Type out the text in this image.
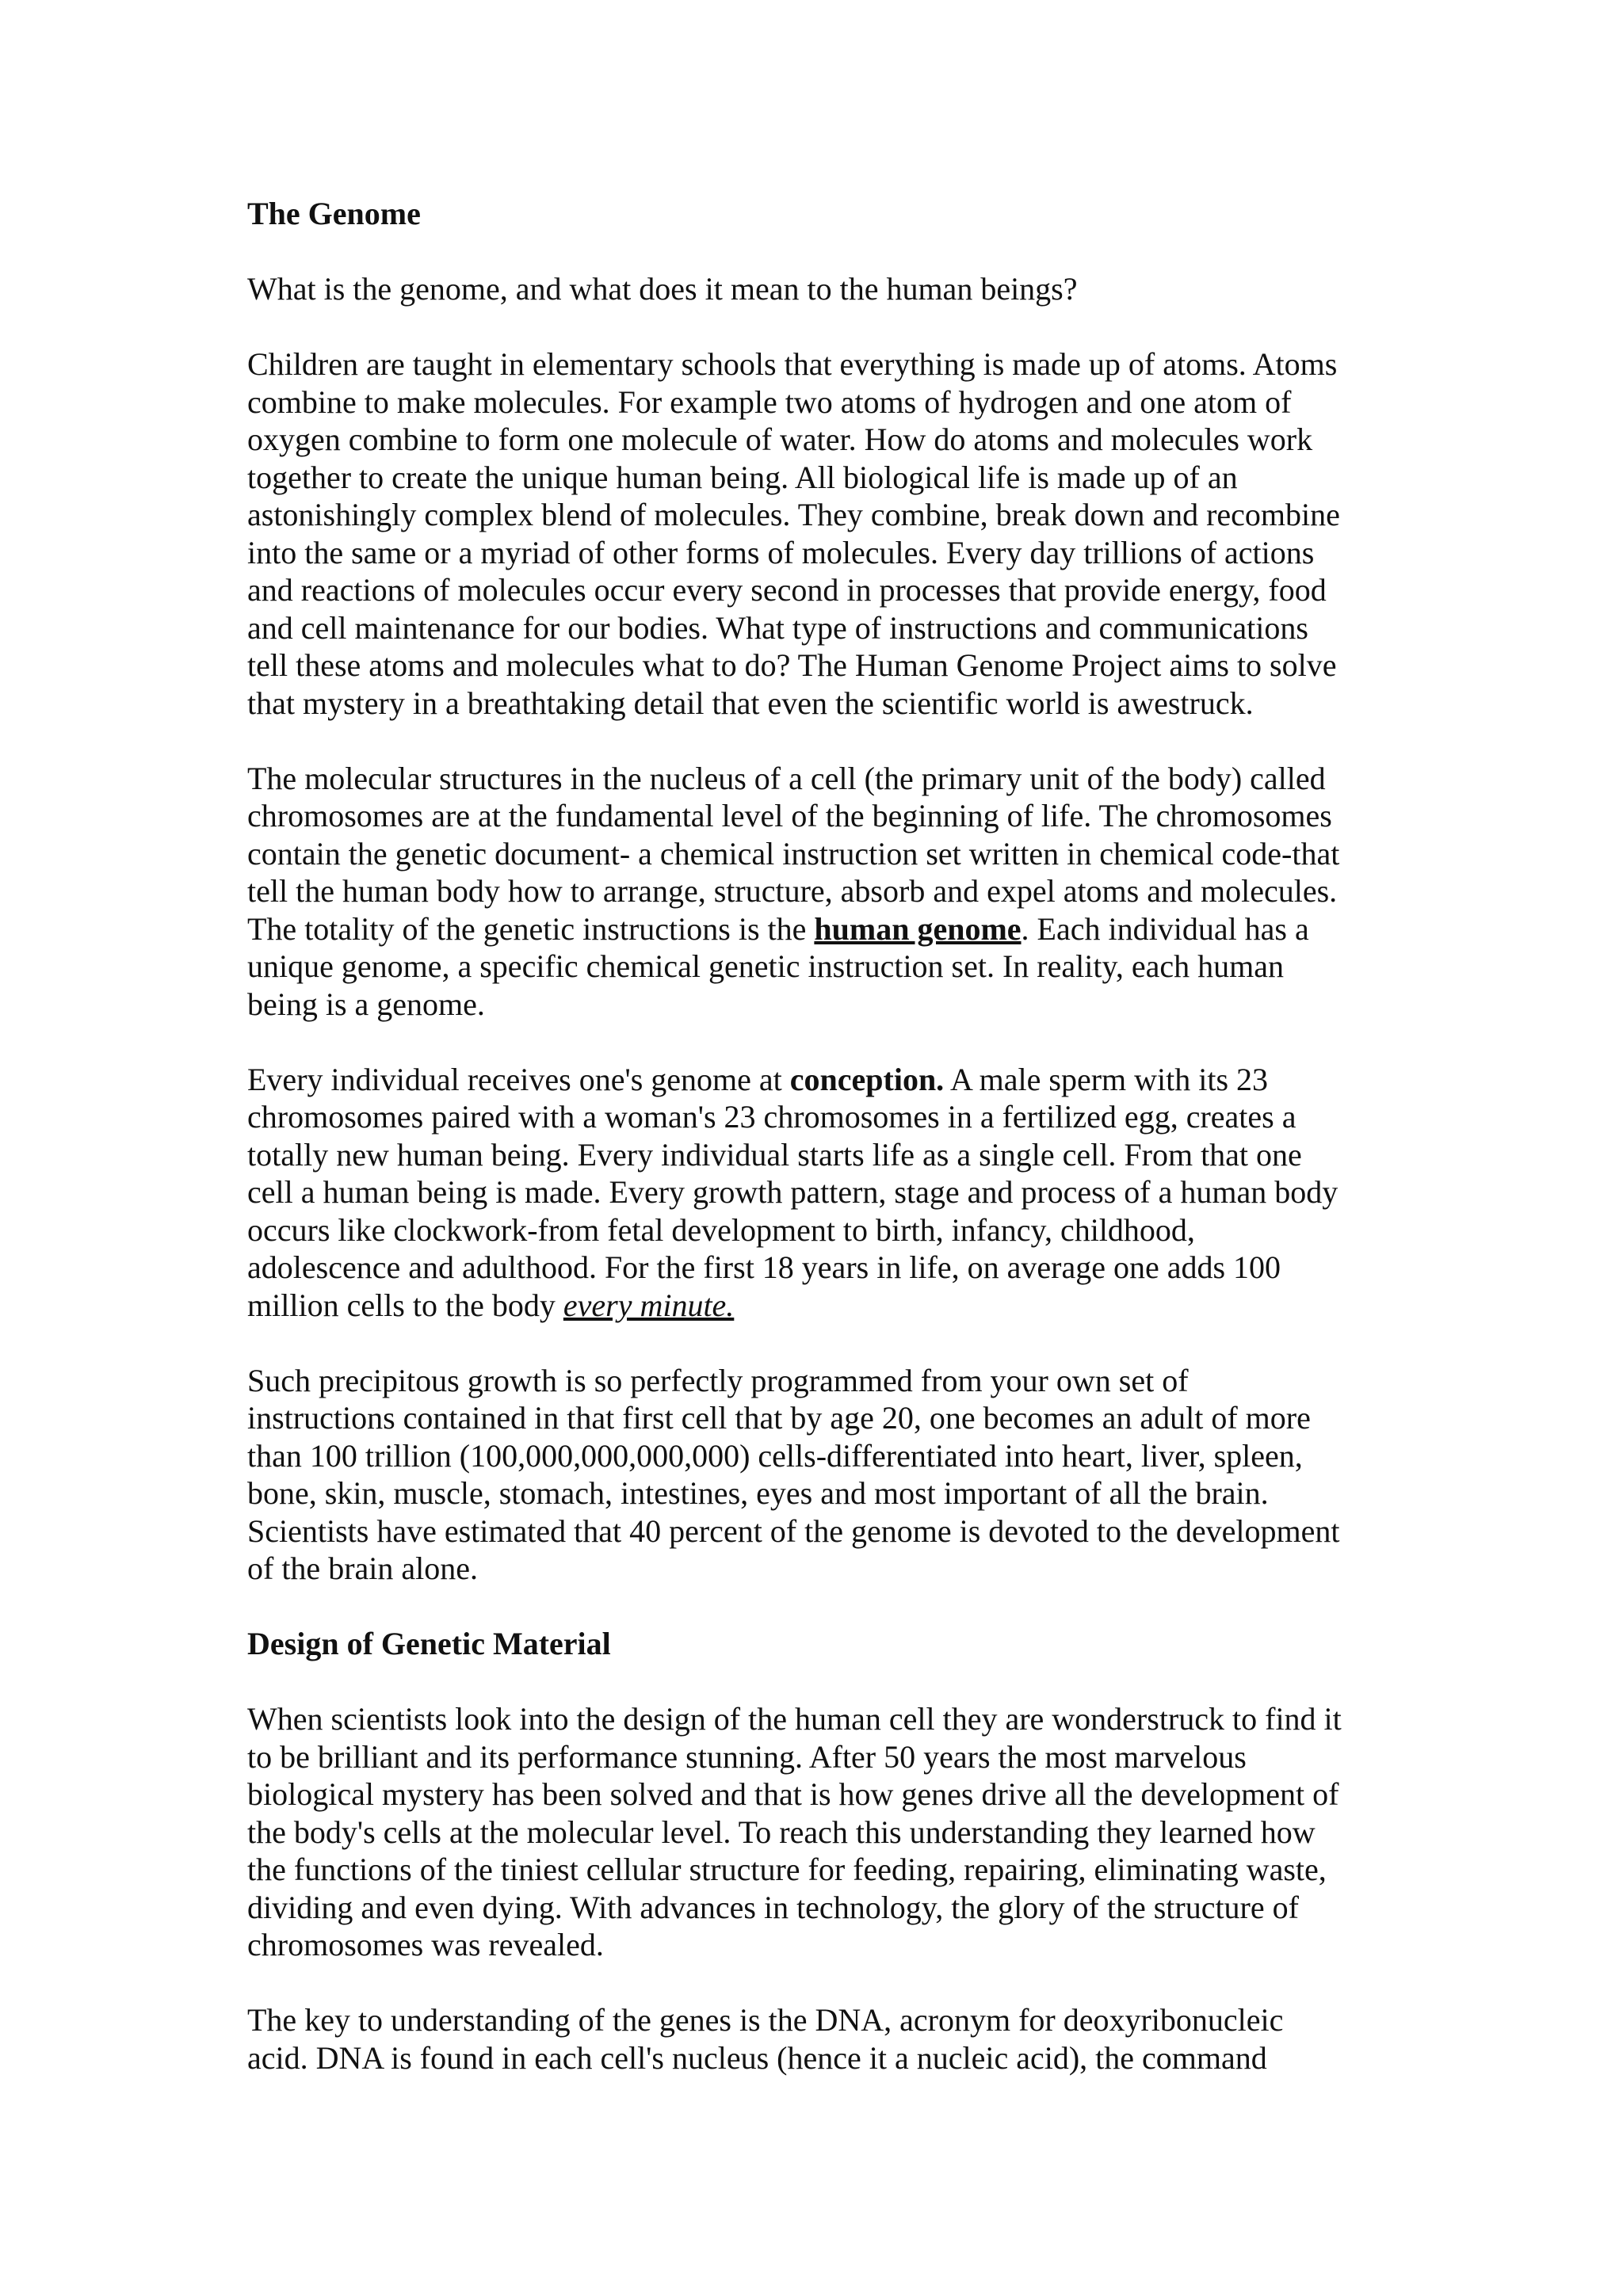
The Genome
What is the genome, and what does it mean to the human beings?
Children are taught in elementary schools that everything is made up of atoms. Atoms
combine to make molecules. For example two atoms of hydrogen and one atom of
oxygen combine to form one molecule of water. How do atoms and molecules work
together to create the unique human being. All biological life is made up of an
astonishingly complex blend of molecules. They combine, break down and recombine
into the same or a myriad of other forms of molecules. Every day trillions of actions
and reactions of molecules occur every second in processes that provide energy, food
and cell maintenance for our bodies. What type of instructions and communications
tell these atoms and molecules what to do? The Human Genome Project aims to solve
that mystery in a breathtaking detail that even the scientific world is awestruck.
The molecular structures in the nucleus of a cell (the primary unit of the body) called
chromosomes are at the fundamental level of the beginning of life. The chromosomes
contain the genetic document- a chemical instruction set written in chemical code-that
tell the human body how to arrange, structure, absorb and expel atoms and molecules.
The totality of the genetic instructions is the human genome. Each individual has a
unique genome, a specific chemical genetic instruction set. In reality, each human
being is a genome.
Every individual receives one's genome at conception. A male sperm with its 23
chromosomes paired with a woman's 23 chromosomes in a fertilized egg, creates a
totally new human being. Every individual starts life as a single cell. From that one
cell a human being is made. Every growth pattern, stage and process of a human body
occurs like clockwork-from fetal development to birth, infancy, childhood,
adolescence and adulthood. For the first 18 years in life, on average one adds 100
million cells to the body every minute.
Such precipitous growth is so perfectly programmed from your own set of
instructions contained in that first cell that by age 20, one becomes an adult of more
than 100 trillion (100,000,000,000,000) cells-differentiated into heart, liver, spleen,
bone, skin, muscle, stomach, intestines, eyes and most important of all the brain.
Scientists have estimated that 40 percent of the genome is devoted to the development
of the brain alone.
Design of Genetic Material
When scientists look into the design of the human cell they are wonderstruck to find it
to be brilliant and its performance stunning. After 50 years the most marvelous
biological mystery has been solved and that is how genes drive all the development of
the body's cells at the molecular level. To reach this understanding they learned how
the functions of the tiniest cellular structure for feeding, repairing, eliminating waste,
dividing and even dying. With advances in technology, the glory of the structure of
chromosomes was revealed.
The key to understanding of the genes is the DNA, acronym for deoxyribonucleic
acid. DNA is found in each cell's nucleus (hence it a nucleic acid), the command
